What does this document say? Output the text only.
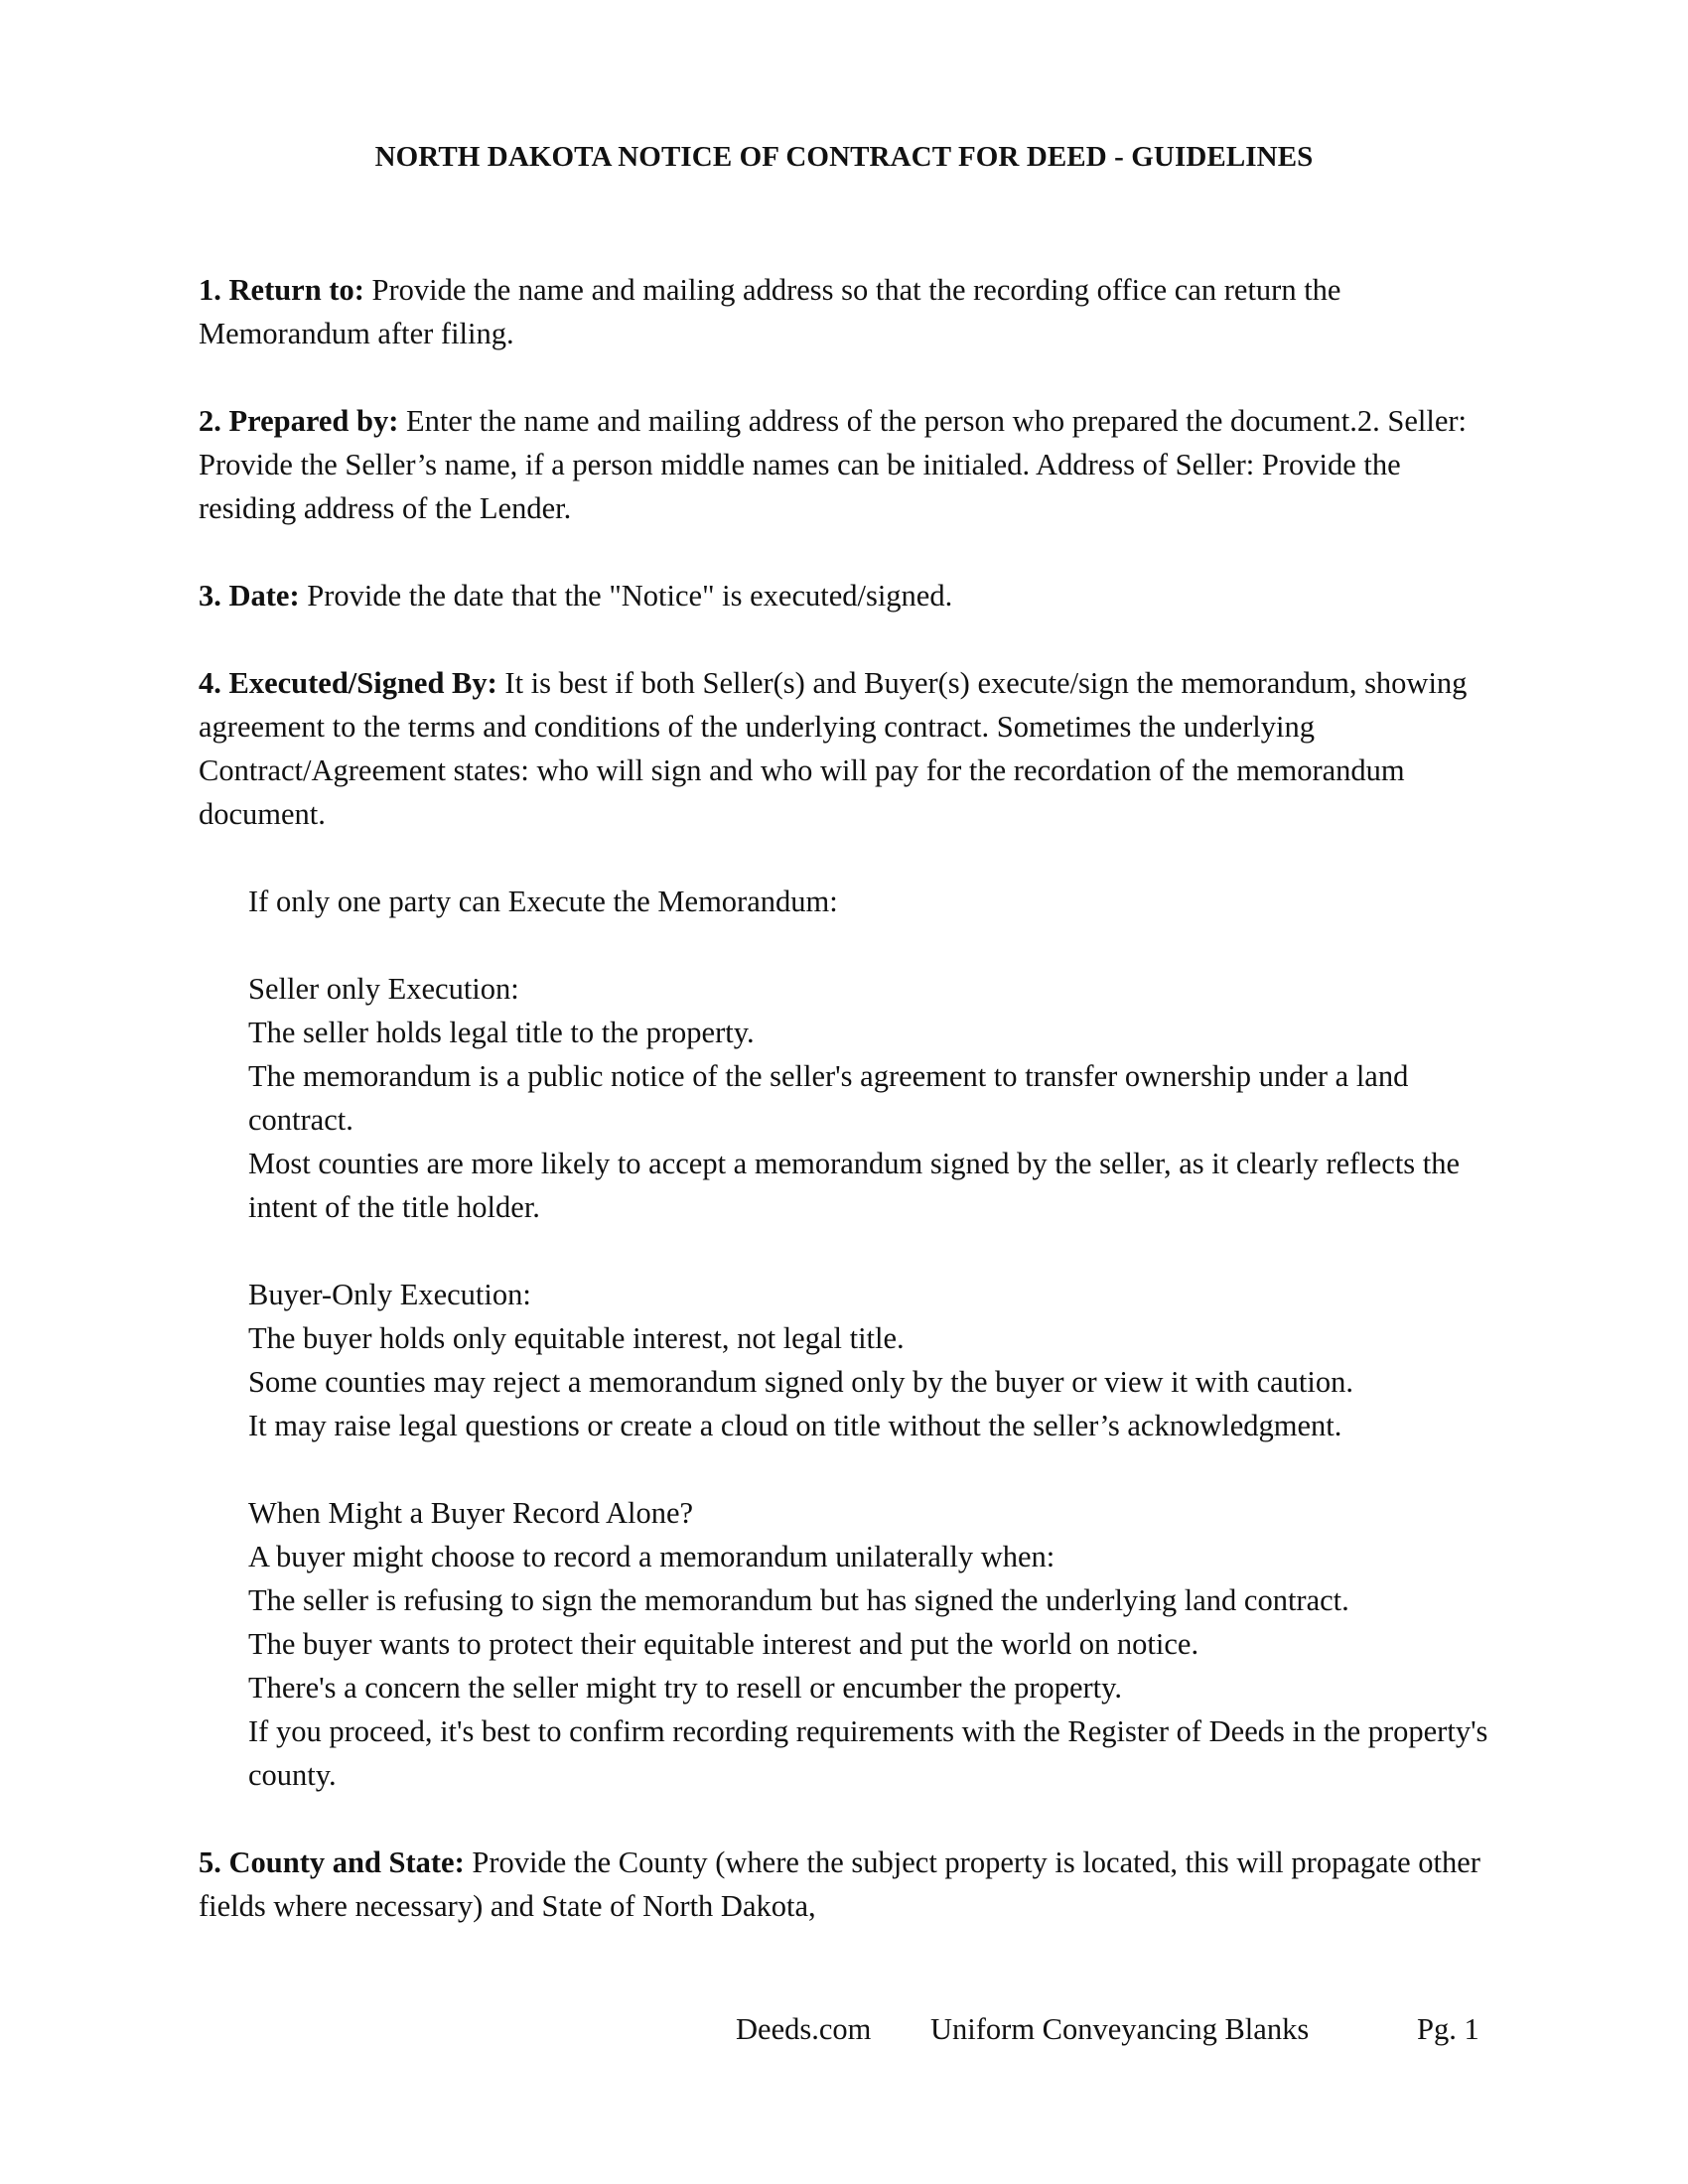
NORTH DAKOTA NOTICE OF CONTRACT FOR DEED - GUIDELINES

1. Return to: Provide the name and mailing address so that the recording office can return the Memorandum after filing.

2. Prepared by: Enter the name and mailing address of the person who prepared the document.2. Seller: Provide the Seller’s name, if a person middle names can be initialed. Address of Seller: Provide the residing address of the Lender.

3. Date: Provide the date that the "Notice" is executed/signed.

4. Executed/Signed By: It is best if both Seller(s) and Buyer(s) execute/sign the memorandum, showing agreement to the terms and conditions of the underlying contract. Sometimes the underlying Contract/Agreement states: who will sign and who will pay for the recordation of the memorandum document.

If only one party can Execute the Memorandum:

Seller only Execution:
The seller holds legal title to the property.
The memorandum is a public notice of the seller's agreement to transfer ownership under a land contract.
Most counties are more likely to accept a memorandum signed by the seller, as it clearly reflects the intent of the title holder.
Buyer-Only Execution:
The buyer holds only equitable interest, not legal title.
Some counties may reject a memorandum signed only by the buyer or view it with caution.
It may raise legal questions or create a cloud on title without the seller’s acknowledgment.
When Might a Buyer Record Alone?
A buyer might choose to record a memorandum unilaterally when:
The seller is refusing to sign the memorandum but has signed the underlying land contract.
The buyer wants to protect their equitable interest and put the world on notice.
There's a concern the seller might try to resell or encumber the property.
If you proceed, it's best to confirm recording requirements with the Register of Deeds in the property's county.

5. County and State: Provide the County (where the subject property is located, this will propagate other fields where necessary) and State of North Dakota,

Deeds.com Uniform Conveyancing Blanks	Pg. 1
